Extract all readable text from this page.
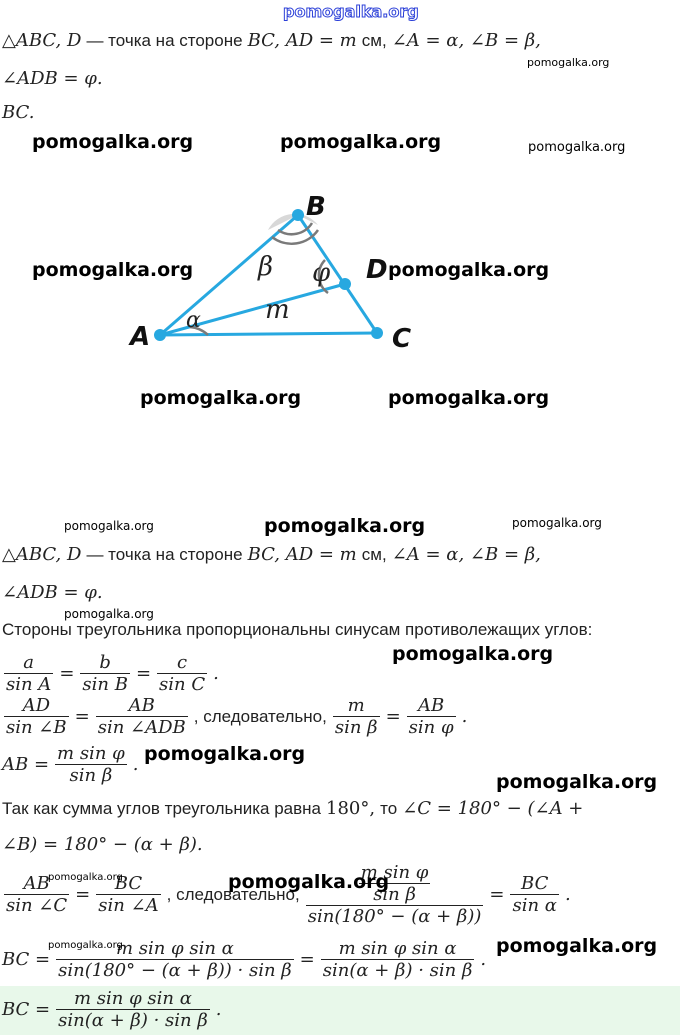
pomogalka.org
△ABC, D — точка на стороне BC, AD = m см, ∠A = α, ∠B = β,
∠ADB = φ.
BC.
A
B
C
D
α
β φ
m
△ABC, D — точка на стороне BC, AD = m см, ∠A = α, ∠B = β,
∠ADB = φ.
Стороны треугольника пропорциональны синусам противолежащих углов:
$\frac{a}{\text{sin A}} = \frac{b}{\text{sin B}} = \frac{c}{\text{sin C}}$ .
$\frac{AD}{\sin \angle B} = \frac{AB}{\text{sin ∠ADB}}$ , следовательно, $\frac{m}{\text{sin β}} = \frac{AB}{\text{sin φ}}$ .
AB = $\frac{\text{m sin φ}}{\text{sin β}}$ .
Так как сумма углов треугольника равна 180°, то ∠C = 180° − (∠A +
∠B) = 180° − (α + β).
$\frac{AB}{\sin \angle C} = \frac{BC}{\sin \angle A}$ , следовательно, $\frac{\frac{\text{m sin φ}}{\text{sin β}}}{\sin(180^\circ - (\alpha + \beta))} = \frac{BC}{\text{sin α}}$ .
BC = $\frac{\text{m sin φ sin α}}{\text{sin(180° − (α + β)) · sin β}} = \frac{\text{m sin φ sin α}}{\text{sin(α + β) · sin β}}$ .
BC = $\frac{\text{m sin φ sin α}}{\text{sin(α + β) · sin β}}$ .
pomogalka.org
pomogalka.org	pomogalka.org	pomogalka.org
pomogalka.org	pomogalka.org
pomogalka.org	pomogalka.org
pomogalka.org	pomogalka.org	pomogalka.org
pomogalka.org
pomogalka.org
pomogalka.org
pomogalka.org
pomogalka.org	pomogalka.org
pomogalka.org	pomogalka.org
